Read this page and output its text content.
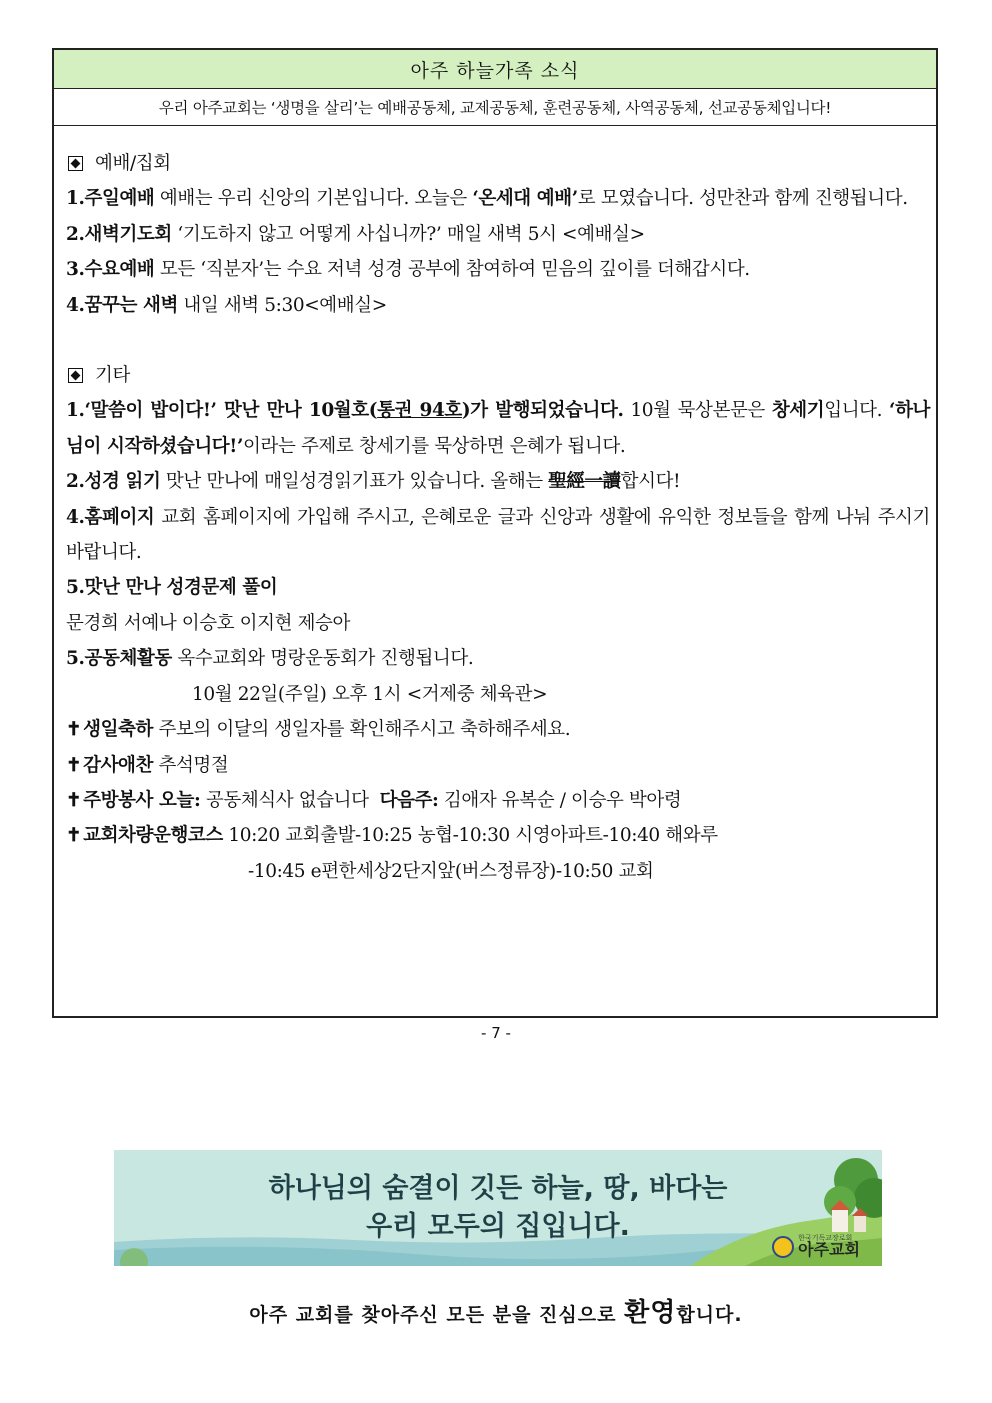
아주 하늘가족 소식
우리 아주교회는 ‘생명을 살리’는 예배공동체, 교제공동체, 훈련공동체, 사역공동체, 선교공동체입니다!
예배/집회
1.주일예배 예배는 우리 신앙의 기본입니다. 오늘은 ‘온세대 예배’로 모였습니다. 성만찬과 함께 진행됩니다.
2.새벽기도회 ‘기도하지 않고 어떻게 사십니까?’ 매일 새벽 5시 <예배실>
3.수요예배 모든 ‘직분자’는 수요 저녁 성경 공부에 참여하여 믿음의 깊이를 더해갑시다.
4.꿈꾸는 새벽 내일 새벽 5:30<예배실>
기타
1.‘말씀이 밥이다!’ 맛난 만나 10월호(통권 94호)가 발행되었습니다. 10월 묵상본문은 창세기입니다. ‘하나님이 시작하셨습니다!’이라는 주제로 창세기를 묵상하면 은혜가 됩니다.
2.성경 읽기 맛난 만나에 매일성경읽기표가 있습니다. 올해는 聖經一讀합시다!
4.홈페이지 교회 홈페이지에 가입해 주시고, 은혜로운 글과 신앙과 생활에 유익한 정보들을 함께 나눠 주시기 바랍니다.
5.맛난 만나 성경문제 풀이
문경희 서예나 이승호 이지현 제승아
5.공동체활동 옥수교회와 명랑운동회가 진행됩니다.
10월 22일(주일) 오후 1시 <거제중 체육관>
✝ 생일축하 주보의 이달의 생일자를 확인해주시고 축하해주세요.
✝ 감사애찬 추석명절
✝ 주방봉사 오늘: 공동체식사 없습니다 다음주: 김애자 유복순 / 이승우 박아령
✝ 교회차량운행코스 10:20 교회출발-10:25 농협-10:30 시영아파트-10:40 해와루
-10:45 e편한세상2단지앞(버스정류장)-10:50 교회
하나님의 숨결이 깃든 하늘, 땅, 바다는
우리 모두의 집입니다.	한국기독교장로회
아주교회
아주 교회를 찾아주신 모든 분을 진심으로 환영합니다.
- 7 -
